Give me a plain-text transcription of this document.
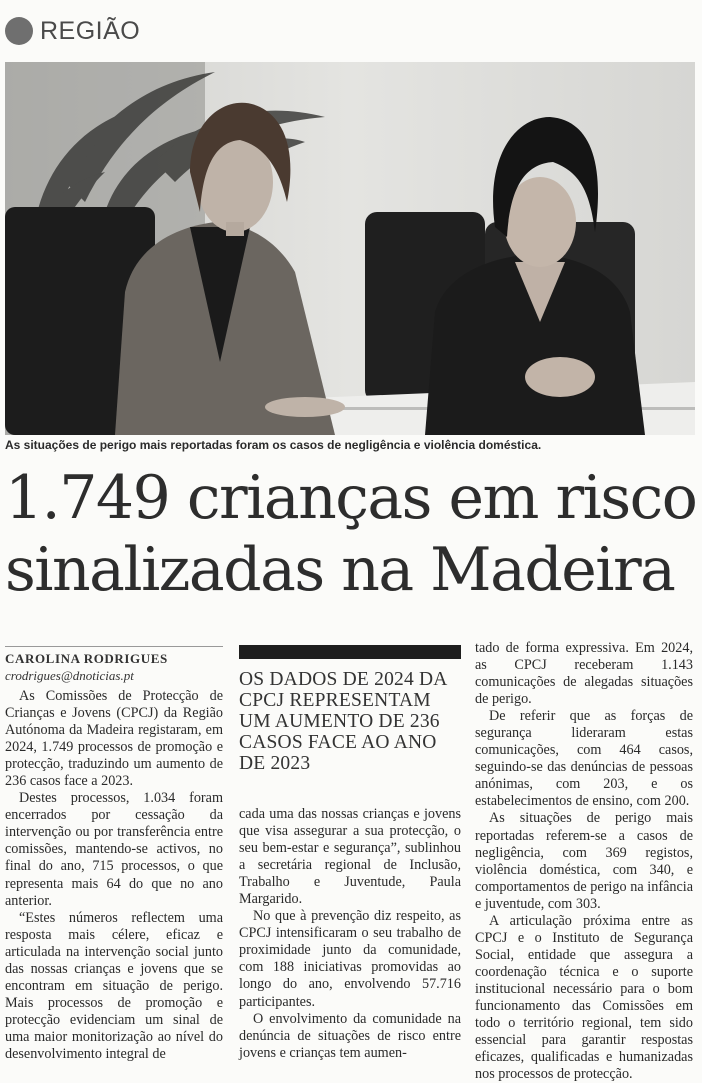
REGIÃO
As situações de perigo mais reportadas foram os casos de negligência e violência doméstica.
1.749 crianças em risco
sinalizadas na Madeira
CAROLINA RODRIGUES
crodrigues@dnoticias.pt

As Comissões de Protecção de Crianças e Jovens (CPCJ) da Região Autónoma da Madeira registaram, em 2024, 1.749 processos de promoção e protecção, traduzindo um aumento de 236 casos face a 2023.

Destes processos, 1.034 foram encerrados por cessação da intervenção ou por transferência entre comissões, mantendo-se activos, no final do ano, 715 processos, o que representa mais 64 do que no ano anterior.

“Estes números reflectem uma resposta mais célere, eficaz e articulada na intervenção social junto das nossas crianças e jovens que se encontram em situação de perigo. Mais processos de promoção e protecção evidenciam um sinal de uma maior monitorização ao nível do desenvolvimento integral de

OS DADOS DE 2024 DA CPCJ REPRESENTAM UM AUMENTO DE 236 CASOS FACE AO ANO DE 2023

cada uma das nossas crianças e jovens que visa assegurar a sua protecção, o seu bem-estar e segurança”, sublinhou a secretária regional de Inclusão, Trabalho e Juventude, Paula Margarido.

No que à prevenção diz respeito, as CPCJ intensificaram o seu trabalho de proximidade junto da comunidade, com 188 iniciativas promovidas ao longo do ano, envolvendo 57.716 participantes.

O envolvimento da comunidade na denúncia de situações de risco entre jovens e crianças tem aumen-

tado de forma expressiva. Em 2024, as CPCJ receberam 1.143 comunicações de alegadas situações de perigo.

De referir que as forças de segurança lideraram estas comunicações, com 464 casos, seguindo-se das denúncias de pessoas anónimas, com 203, e os estabelecimentos de ensino, com 200.

As situações de perigo mais reportadas referem-se a casos de negligência, com 369 registos, violência doméstica, com 340, e comportamentos de perigo na infância e juventude, com 303.

A articulação próxima entre as CPCJ e o Instituto de Segurança Social, entidade que assegura a coordenação técnica e o suporte institucional necessário para o bom funcionamento das Comissões em todo o território regional, tem sido essencial para garantir respostas eficazes, qualificadas e humanizadas nos processos de protecção.
